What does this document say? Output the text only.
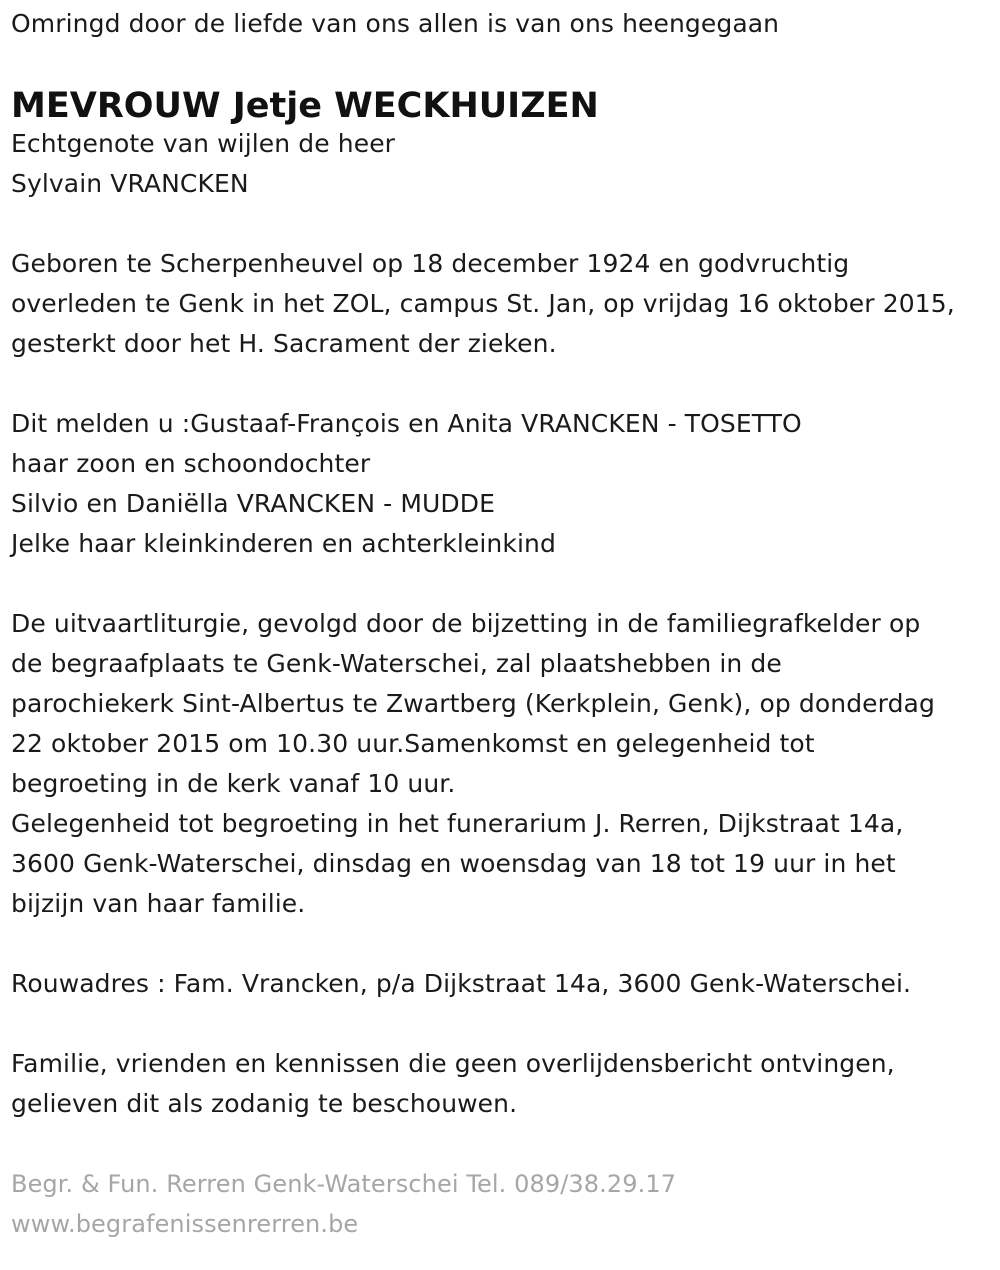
Omringd door de liefde van ons allen is van ons heengegaan
MEVROUW Jetje WECKHUIZEN
Echtgenote van wijlen de heer
Sylvain VRANCKEN
Geboren te Scherpenheuvel op 18 december 1924 en godvruchtig
overleden te Genk in het ZOL, campus St. Jan, op vrijdag 16 oktober 2015,
gesterkt door het H. Sacrament der zieken.
Dit melden u :Gustaaf-François en Anita VRANCKEN - TOSETTO
haar zoon en schoondochter
Silvio en Daniëlla VRANCKEN - MUDDE
Jelke haar kleinkinderen en achterkleinkind
De uitvaartliturgie, gevolgd door de bijzetting in de familiegrafkelder op
de begraafplaats te Genk-Waterschei, zal plaatshebben in de
parochiekerk Sint-Albertus te Zwartberg (Kerkplein, Genk), op donderdag
22 oktober 2015 om 10.30 uur.Samenkomst en gelegenheid tot
begroeting in de kerk vanaf 10 uur.
Gelegenheid tot begroeting in het funerarium J. Rerren, Dijkstraat 14a,
3600 Genk-Waterschei, dinsdag en woensdag van 18 tot 19 uur in het
bijzijn van haar familie.
Rouwadres : Fam. Vrancken, p/a Dijkstraat 14a, 3600 Genk-Waterschei.
Familie, vrienden en kennissen die geen overlijdensbericht ontvingen,
gelieven dit als zodanig te beschouwen.
Begr. & Fun. Rerren Genk-Waterschei Tel. 089/38.29.17
www.begrafenissenrerren.be
